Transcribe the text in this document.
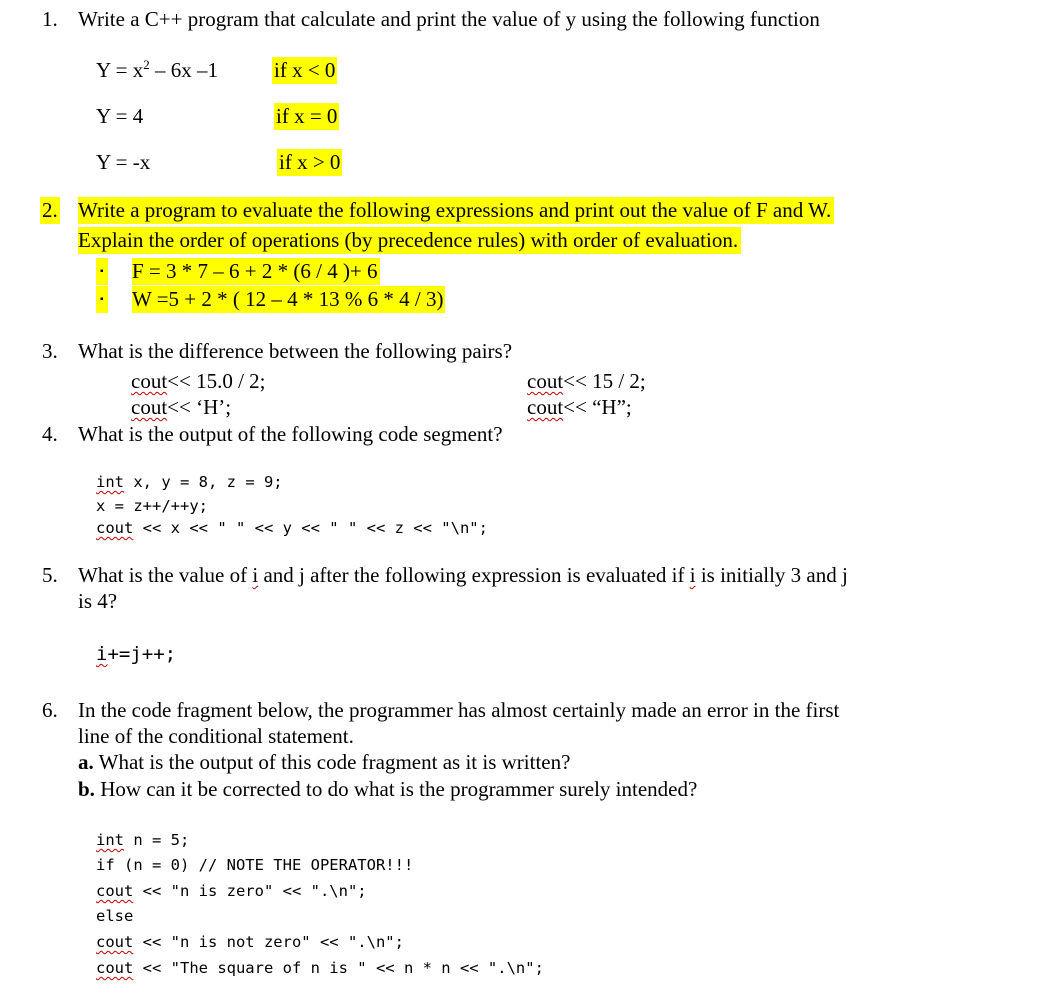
1. Write a C++ program that calculate and print the value of y using the following function
$Y = x^2 - 6x$ –1	if x < 0
Y = 4	if x = 0
Y = -x	if x > 0
2. Write a program to evaluate the following expressions and print out the value of F and W.
Explain the order of operations (by precedence rules) with order of evaluation.
▪ F = 3 * 7 – 6 + 2 * (6 / 4 )+ 6
▪ W =5 + 2 * ( 12 – 4 * 13 % 6 * 4 / 3)
3. What is the difference between the following pairs?
cout<< 15.0 / 2;	cout<< 15 / 2;
cout<< ‘H’;	cout<< “H”;
4. What is the output of the following code segment?
int x, y = 8, z = 9;
x = z++/++y;
cout << x << " " << y << " " << z << "\n";
5. What is the value of i and j after the following expression is evaluated if i is initially 3 and j
is 4?
i+=j++;
6. In the code fragment below, the programmer has almost certainly made an error in the first
line of the conditional statement.
a. What is the output of this code fragment as it is written?
b. How can it be corrected to do what is the programmer surely intended?
int n = 5;
if (n = 0) // NOTE THE OPERATOR!!!
cout << "n is zero" << ".\n";
else
cout << "n is not zero" << ".\n";
cout << "The square of n is " << n * n << ".\n";
